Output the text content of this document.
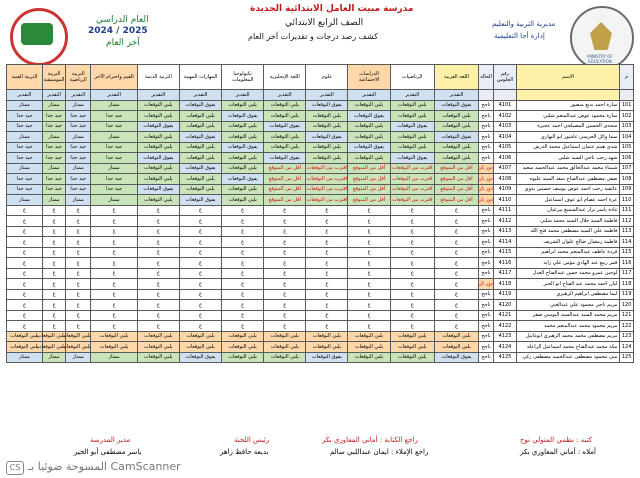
العام الدراسي
2024 / 2025
آخر العام
مدرسة مبيت العامل الابتدائية الجديدة
الصف الرابع الابتدائي
كشف رصد درجات و تقديرات آخر العام
مديرية التربية والتعليم
إدارة أجا التعليمية
MINISTRY OF EDUCATION
م	الاسم	رقم الجلوس	الحالة	اللغة العربية	الرياضيات	الدراسات الاجتماعية	علوم	اللغة الإنجليزية	تكنولوجيا المعلومات	المهارات المهنية	التربية الدينية	القيم واحترام الآخر	التربية الرياضية	التربية الموسيقية	التربية الفنية
				التقدير	التقدير	التقدير	التقدير	التقدير	التقدير	التقدير	التقدير	التقدير	التقدير	التقدير	التقدير
101	سارة احمد بديع منصور	4101	ناجح	يفوق التوقعات	يلبي التوقعات	يلبي التوقعات	يفوق التوقعات	يلبي التوقعات	يلبي التوقعات	يفوق التوقعات	يلبي التوقعات	ممتاز	ممتاز	ممتاز	ممتاز
102	سارة محمود عوض عبدالمنعم شلبي	4102	ناجح	يلبي التوقعات	يلبي التوقعات	يفوق التوقعات	يلبي التوقعات	يلبي التوقعات	يفوق التوقعات	يلبي التوقعات	يلبي التوقعات	جيد جدا	جيد جدا	جيد جدا	جيد جدا
103	سجدى الحسين المصيلحي احمد عجيزة	4103	ناجح	يلبي التوقعات	يفوق التوقعات	يلبي التوقعات	يلبي التوقعات	يفوق التوقعات	يلبي التوقعات	يلبي التوقعات	يفوق التوقعات	جيد جدا	جيد جدا	جيد جدا	جيد جدا
104	سما وائل الحرسي عاشور ابو البهاري	4104	ناجح	يفوق التوقعات	يلبي التوقعات	يلبي التوقعات	يفوق التوقعات	يلبي التوقعات	يلبي التوقعات	يفوق التوقعات	يلبي التوقعات	ممتاز	ممتاز	ممتاز	ممتاز
105	شذى هيثم عثمان اسماعيل محمد الدرش	4105	ناجح	يلبي التوقعات	يلبي التوقعات	يفوق التوقعات	يلبي التوقعات	يلبي التوقعات	يفوق التوقعات	يلبي التوقعات	يلبي التوقعات	جيد جدا	جيد جدا	جيد جدا	جيد جدا
106	شهد رجب ناجي السيد شلبي	4106	ناجح	يلبي التوقعات	يفوق التوقعات	يلبي التوقعات	يلبي التوقعات	يفوق التوقعات	يلبي التوقعات	يلبي التوقعات	يفوق التوقعات	جيد جدا	جيد جدا	جيد جدا	جيد جدا
107	شيماء محمد عبدالخالق محمد عبدالحميد سعيد	4107	دور ثان	أقل من المتوقع	اقترب من التوقعات	أقل من المتوقع	اقترب من التوقعات	أقل من المتوقع	يلبي التوقعات	يفوق التوقعات	يلبي التوقعات	ممتاز	ممتاز	ممتاز	ممتاز
108	صفى مصطفى عبدالفتاح سعد السيد عليوه	4108	دور ثان	أقل من المتوقع	اقترب من التوقعات	أقل من المتوقع	اقترب من التوقعات	أقل من المتوقع	يفوق التوقعات	يلبي التوقعات	يلبي التوقعات	جيد جدا	جيد جدا	جيد جدا	جيد جدا
109	عائشة رجب احمد عوض يوسف حسنين بدوي	4109	دور ثان	أقل من المتوقع	اقترب من التوقعات	أقل من المتوقع	اقترب من التوقعات	أقل من المتوقع	يلبي التوقعات	يلبي التوقعات	يفوق التوقعات	جيد جدا	جيد جدا	جيد جدا	جيد جدا
110	عزة احمد عصام ابو عوف اسماعيل	4110	دور ثان	أقل من المتوقع	اقترب من التوقعات	أقل من المتوقع	اقترب من التوقعات	أقل من المتوقع	يلبي التوقعات	يفوق التوقعات	يلبي التوقعات	ممتاز	ممتاز	ممتاز	ممتاز
111	غادة ياسر نزار عبدالسميع بيرعيان	4111	ناجح	غ	غ	غ	غ	غ	غ	غ	غ	غ	غ	غ	غ
112	فاطمة السيد جلال السيد محمد شلبي	4112	ناجح	غ	غ	غ	غ	غ	غ	غ	غ	غ	غ	غ	غ
113	فاطمة علي السيد مصطفى محمد فتح الله	4113	ناجح	غ	غ	غ	غ	غ	غ	غ	غ	غ	غ	غ	غ
114	فاطمة رمضان صالح علوان الشريف	4114	ناجح	غ	غ	غ	غ	غ	غ	غ	غ	غ	غ	غ	غ
115	فردة عاطف عبدالمنعم محمد ابراهيم	4115	ناجح	غ	غ	غ	غ	غ	غ	غ	غ	غ	غ	غ	غ
116	قمر ربيع عبد الهادي مؤمن علي زايد	4116	ناجح	غ	غ	غ	غ	غ	غ	غ	غ	غ	غ	غ	غ
117	لوجين عمرو محمد حسن عبدالفتاح العدل	4117	ناجح	غ	غ	غ	غ	غ	غ	غ	غ	غ	غ	غ	غ
118	ليان احمد محمد عبد الفتاح ابو الخير	4118	دور ثان	غ	غ	غ	غ	غ	غ	غ	غ	غ	غ	غ	غ
119	ليما مصطفى ابراهيم الزهيري	4119	ناجح	غ	غ	غ	غ	غ	غ	غ	غ	غ	غ	غ	غ
120	مريم ناجي محمود علي عبدالغني	4120	ناجح	غ	غ	غ	غ	غ	غ	غ	غ	غ	غ	غ	غ
121	مريم محمد السيد عبدالسيد اليوسي صقر	4121	ناجح	غ	غ	غ	غ	غ	غ	غ	غ	غ	غ	غ	غ
122	مريم محمود محمد عبدالمنعم محمد	4122	ناجح	غ	غ	غ	غ	غ	غ	غ	غ	غ	غ	غ	غ
123	مريم مصطفى محمد محمد الزهيري ابوغانيل	4123	ناجح	يلبي التوقعات	يلبي التوقعات	يلبي التوقعات	يلبي التوقعات	يلبي التوقعات	يلبي التوقعات	يلبي التوقعات	يلبي التوقعات	يلبي التوقعات	يلبي التوقعات	يلبي التوقعات	يلبي التوقعات
124	مكة محمد عبدالفتاح محمد اسماعيل الراعلة	4124	ناجح	يلبي التوقعات	يلبي التوقعات	يلبي التوقعات	يلبي التوقعات	يلبي التوقعات	يلبي التوقعات	يلبي التوقعات	يلبي التوقعات	يلبي التوقعات	يلبي التوقعات	يلبي التوقعات	يلبي التوقعات
125	منى محمود مصطفى عبدالحميد مصطفى زكي	4125	ناجح	يفوق التوقعات	يلبي التوقعات	يلبي التوقعات	يفوق التوقعات	يلبي التوقعات	يلبي التوقعات	يفوق التوقعات	يلبي التوقعات	ممتاز	ممتاز	ممتاز	ممتاز
كتبه : نظمي المتولي نوح
أملاه : أماني المغاوري بكر
راجع الكتابة : أماني المغاوري بكر
راجع الإملاء : ايمان عبداللبي سالم
رئيس اللجنة
بديعة حافظ زاهر
مدير المدرسة
ياسر مصطفى أبو الخير
CS المسوحة ضوئيا بـ CamScanner
